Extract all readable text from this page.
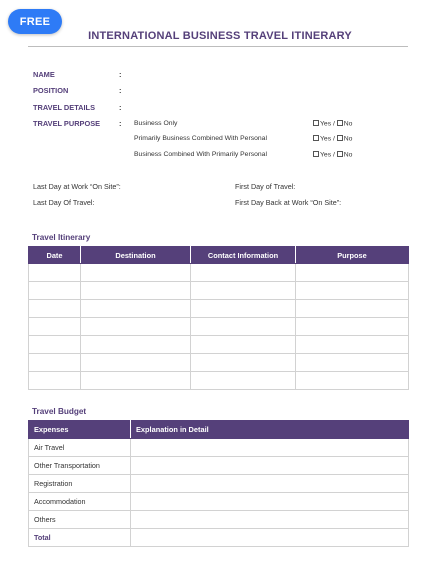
FREE
INTERNATIONAL BUSINESS TRAVEL ITINERARY
NAME	:
POSITION	:
TRAVEL DETAILS	:
TRAVEL PURPOSE	: Business Only	Yes / No
Primarily Business Combined With Personal	Yes / No
Business Combined With Primarily Personal	Yes / No
Last Day at Work “On Site”:	First Day of Travel:
Last Day Of Travel:	First Day Back at Work “On Site”:
Travel Itinerary
Date	Destination	Contact Information	Purpose

Travel Budget
Expenses	Explanation in Detail
Air Travel	
Other Transportation	
Registration	
Accommodation	
Others	
Total	
